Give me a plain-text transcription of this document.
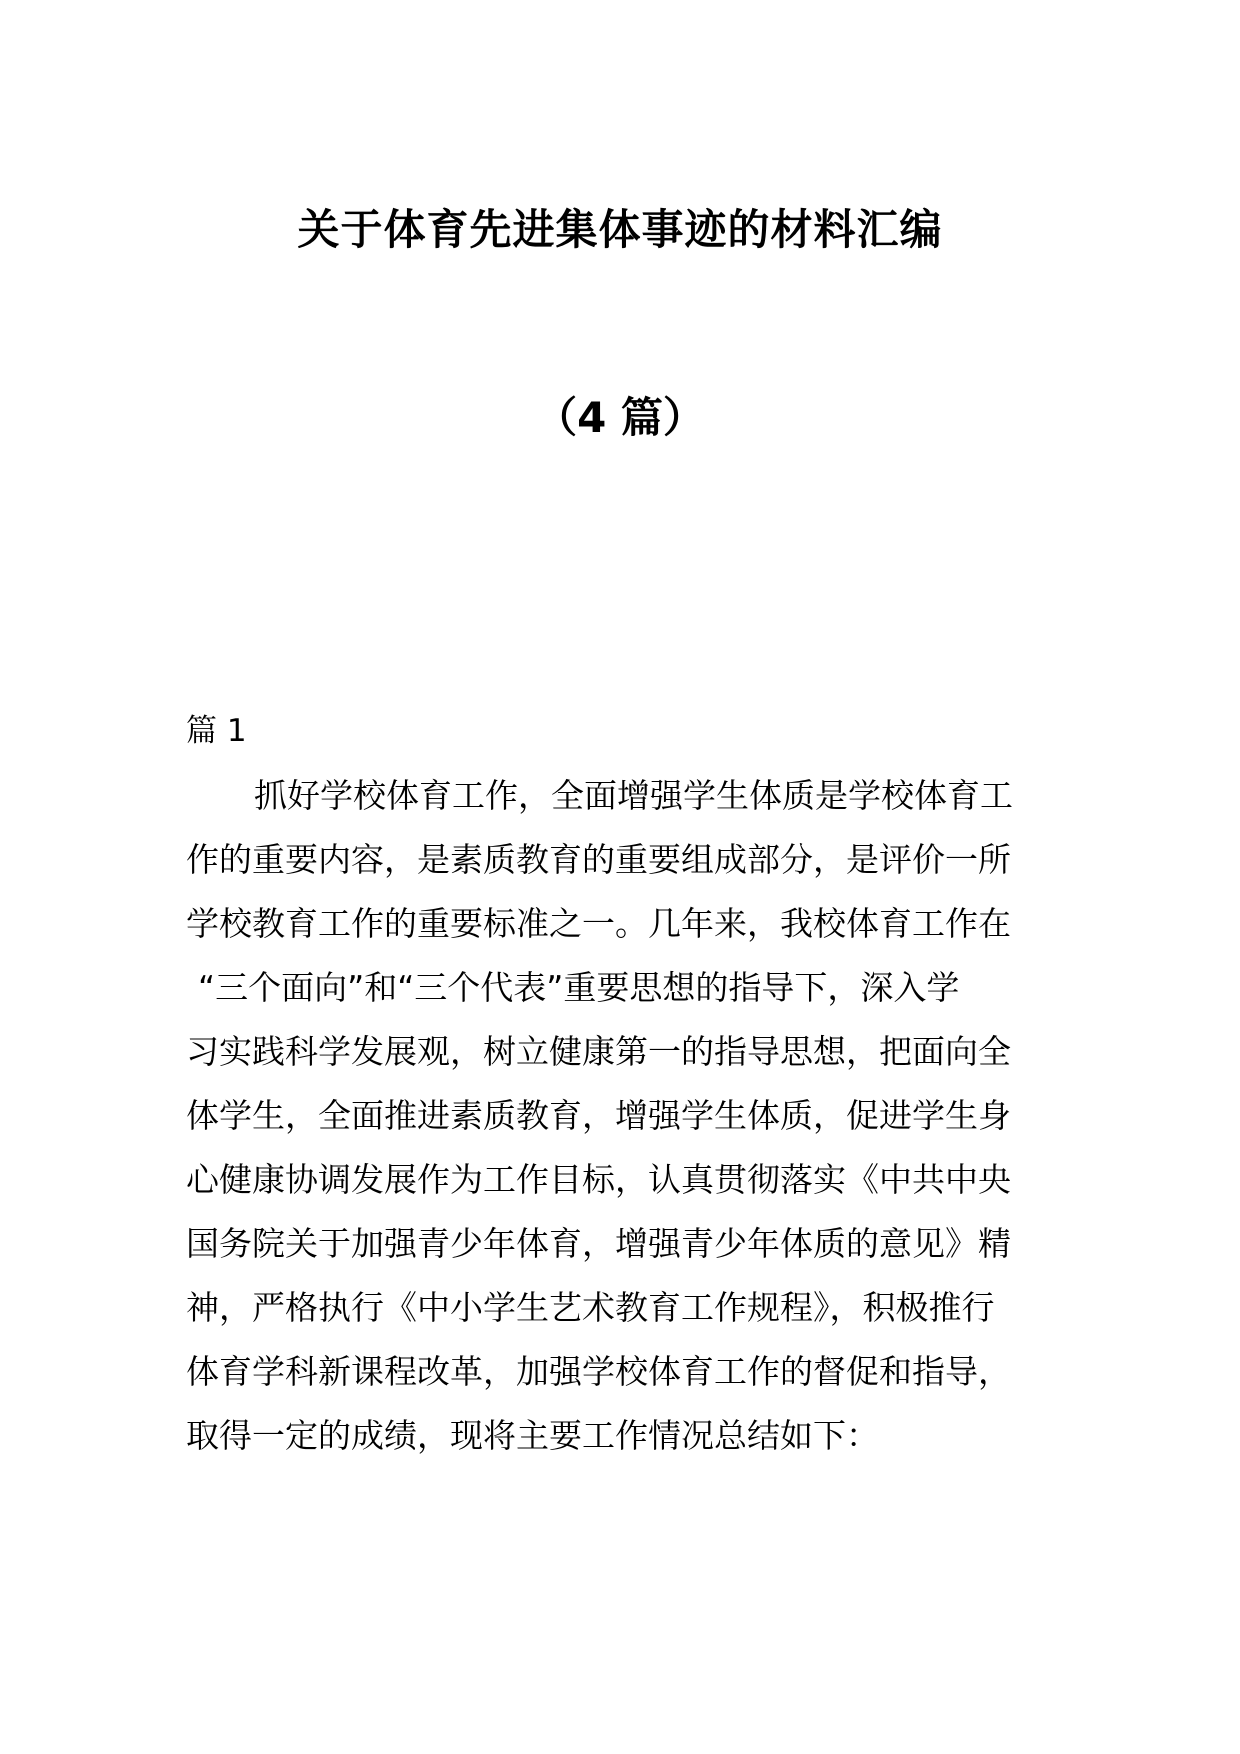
关于体育先进集体事迹的材料汇编
（4 篇）
篇 1
抓好学校体育工作，全面增强学生体质是学校体育工
作的重要内容，是素质教育的重要组成部分，是评价一所
学校教育工作的重要标准之一。几年来，我校体育工作在
“三个面向”和“三个代表”重要思想的指导下，深入学
习实践科学发展观，树立健康第一的指导思想，把面向全
体学生，全面推进素质教育，增强学生体质，促进学生身
心健康协调发展作为工作目标，认真贯彻落实《中共中央
国务院关于加强青少年体育，增强青少年体质的意见》精
神，严格执行《中小学生艺术教育工作规程》，积极推行
体育学科新课程改革，加强学校体育工作的督促和指导，
取得一定的成绩，现将主要工作情况总结如下：
